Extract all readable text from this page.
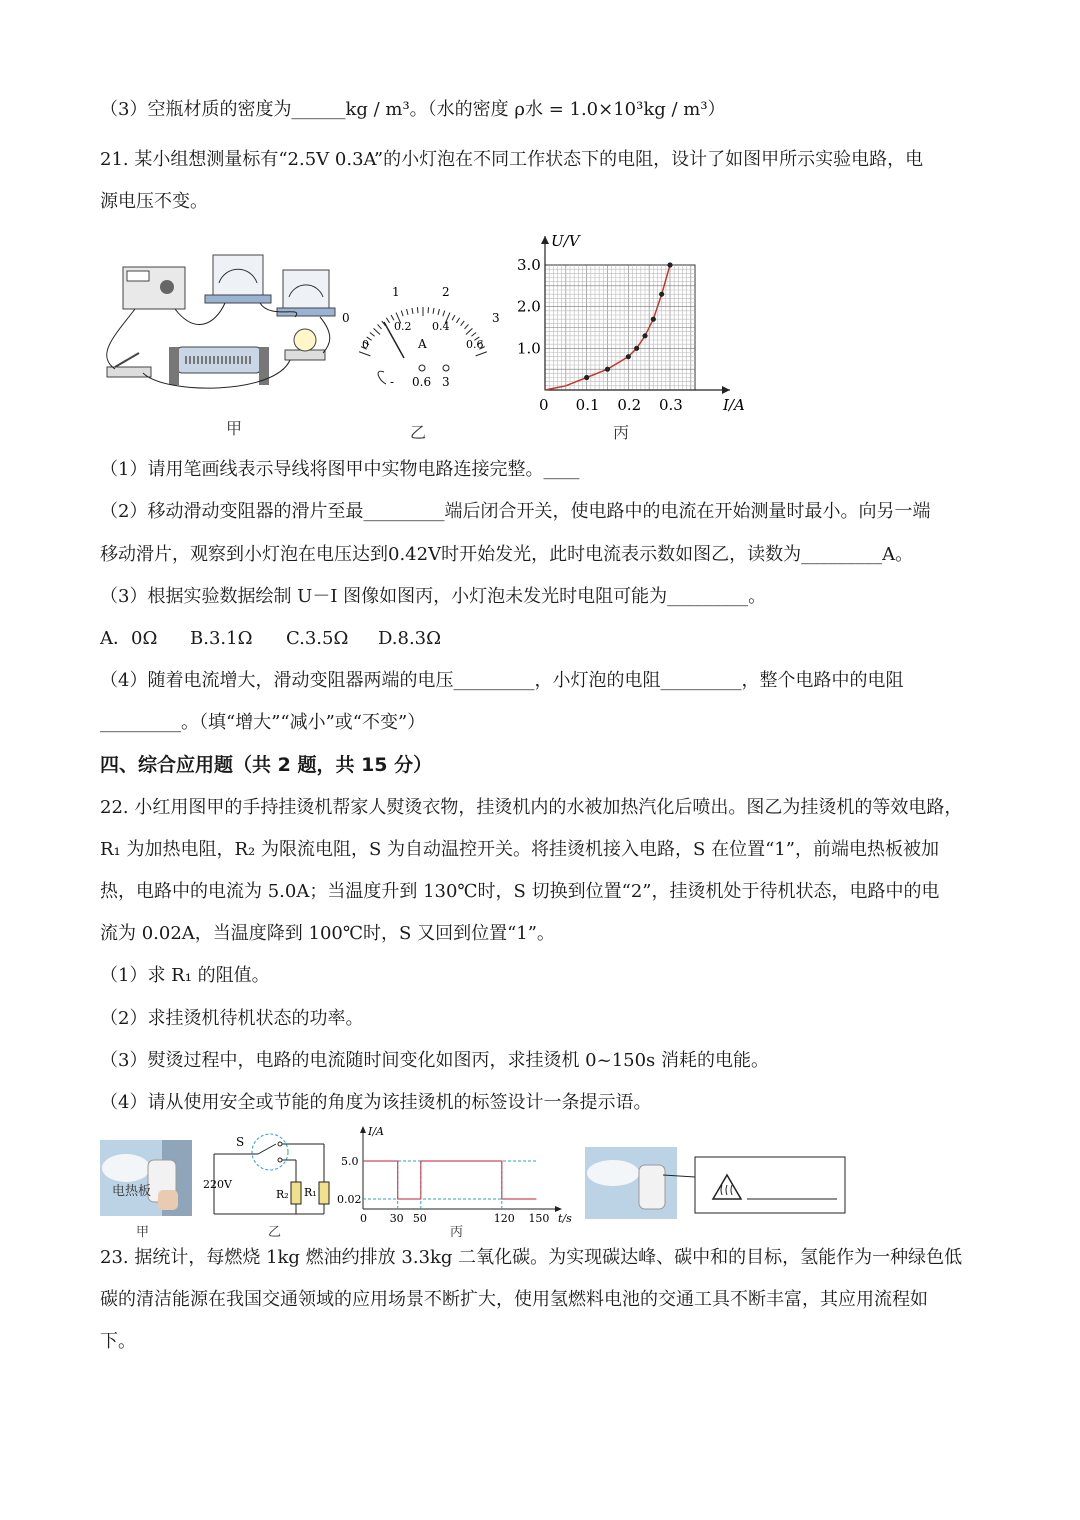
（3）空瓶材质的密度为______kg / m³。（水的密度 ρ水 = 1.0×10³kg / m³）
21. 某小组想测量标有“2.5V 0.3A”的小灯泡在不同工作状态下的电阻，设计了如图甲所示实验电路，电
源电压不变。
甲
0
1	2
3
0
0.2 0.4
0.6
A
- 0.6 3
乙
0 0.1 0.2 0.3
1.0
2.0
3.0
I/A
U/V
丙
（1）请用笔画线表示导线将图甲中实物电路连接完整。____
（2）移动滑动变阻器的滑片至最_________端后闭合开关，使电路中的电流在开始测量时最小。向另一端
移动滑片，观察到小灯泡在电压达到0.42V时开始发光，此时电流表示数如图乙，读数为_________A。
（3）根据实验数据绘制 U－I 图像如图丙，小灯泡未发光时电阻可能为_________。
A．0Ω B.3.1Ω C.3.5Ω D.8.3Ω
（4）随着电流增大，滑动变阻器两端的电压_________，小灯泡的电阻_________，整个电路中的电阻
_________。（填“增大”“减小”或“不变”）
四、综合应用题（共 2 题，共 15 分）
22. 小红用图甲的手持挂烫机帮家人熨烫衣物，挂烫机内的水被加热汽化后喷出。图乙为挂烫机的等效电路，
R₁ 为加热电阻，R₂ 为限流电阻，S 为自动温控开关。将挂烫机接入电路，S 在位置“1”，前端电热板被加
热，电路中的电流为 5.0A；当温度升到 130℃时，S 切换到位置“2”，挂烫机处于待机状态，电路中的电
流为 0.02A，当温度降到 100℃时，S 又回到位置“1”。
（1）求 R₁ 的阻值。
（2）求挂烫机待机状态的功率。
（3）熨烫过程中，电路的电流随时间变化如图丙，求挂烫机 0~150s 消耗的电能。
（4）请从使用安全或节能的角度为该挂烫机的标签设计一条提示语。
电热板
甲
S
R₂ R₁
220V
乙
0 30 50	120 150
0.02
5.0
t/s
I/A
丙
23. 据统计，每燃烧 1kg 燃油约排放 3.3kg 二氧化碳。为实现碳达峰、碳中和的目标，氢能作为一种绿色低
碳的清洁能源在我国交通领域的应用场景不断扩大，使用氢燃料电池的交通工具不断丰富，其应用流程如
下。
